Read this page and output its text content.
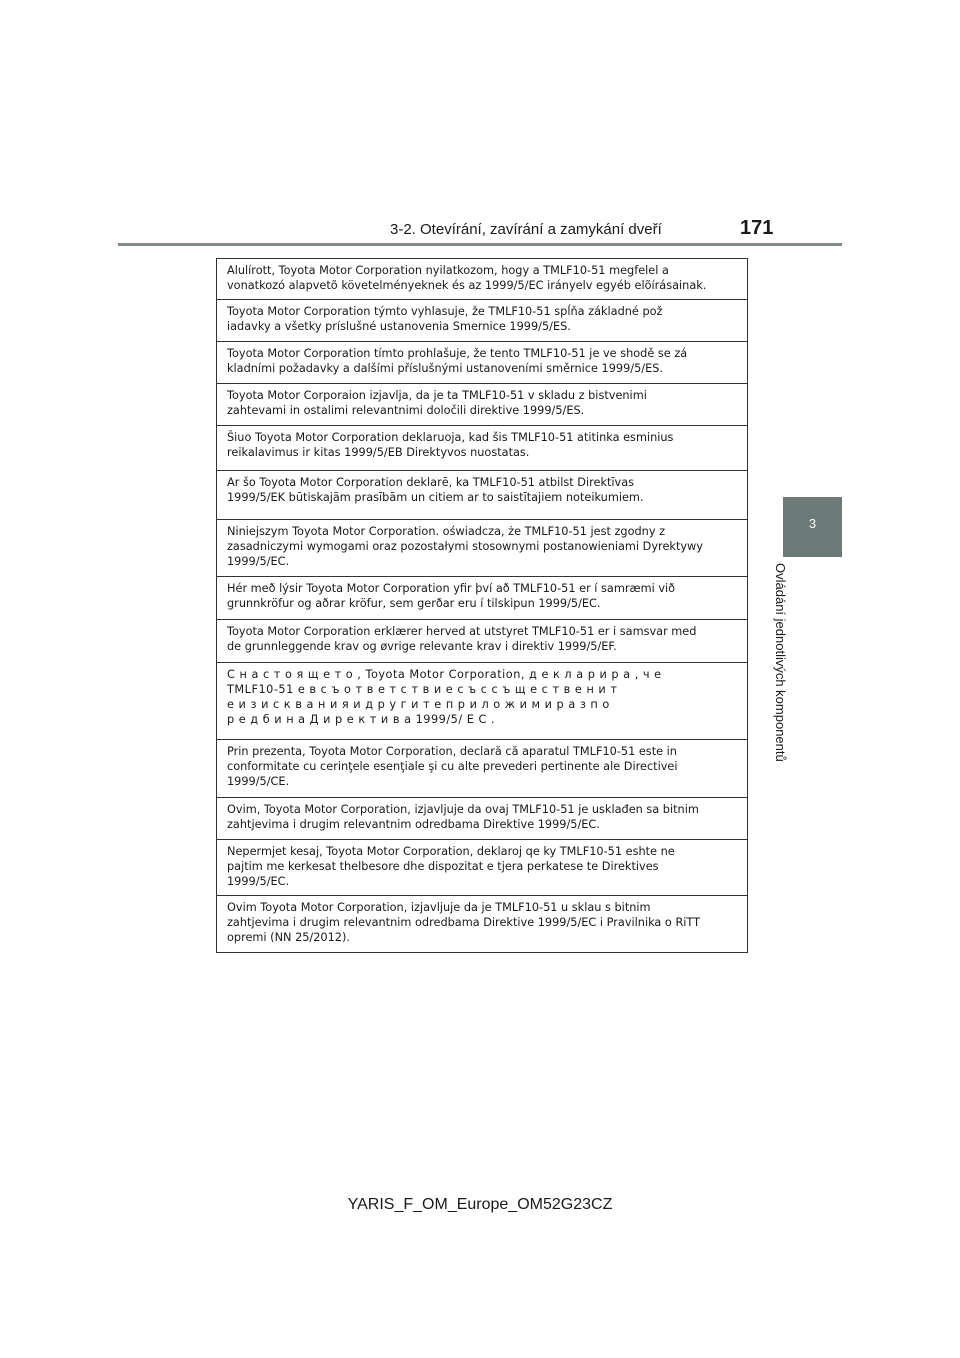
3-2. Otevírání, zavírání a zamykání dveří	171
3
Ovládání jednotlivých komponentů
Alulírott, Toyota Motor Corporation nyilatkozom, hogy a TMLF10-51 megfelel a
vonatkozó alapvetõ követelményeknek és az 1999/5/EC irányelv egyéb elõírásainak.
Toyota Motor Corporation týmto vyhlasuje, že TMLF10-51 spĺňa základné pož
iadavky a všetky príslušné ustanovenia Smernice 1999/5/ES.
Toyota Motor Corporation tímto prohlašuje, že tento TMLF10-51 je ve shodě se zá
kladními požadavky a dalšími příslušnými ustanoveními směrnice 1999/5/ES.
Toyota Motor Corporaion izjavlja, da je ta TMLF10-51 v skladu z bistvenimi
zahtevami in ostalimi relevantnimi določili direktive 1999/5/ES.
Šiuo Toyota Motor Corporation deklaruoja, kad šis TMLF10-51 atitinka esminius
reikalavimus ir kitas 1999/5/EB Direktyvos nuostatas.
Ar šo Toyota Motor Corporation deklarē, ka TMLF10-51 atbilst Direktīvas
1999/5/EK būtiskajām prasībām un citiem ar to saistītajiem noteikumiem.
Niniejszym Toyota Motor Corporation. oświadcza, że TMLF10-51 jest zgodny z
zasadniczymi wymogami oraz pozostałymi stosownymi postanowieniami Dyrektywy
1999/5/EC.
Hér með lýsir Toyota Motor Corporation yfir því að TMLF10-51 er í samræmi við
grunnkröfur og aðrar kröfur, sem gerðar eru í tilskipun 1999/5/EC.
Toyota Motor Corporation erklærer herved at utstyret TMLF10-51 er i samsvar med
de grunnleggende krav og øvrige relevante krav i direktiv 1999/5/EF.
С н а с т о я щ е т о , Toyota Motor Corporation, д е к л а р и р а , ч е
TMLF10-51 е в с ъ о т в е т с т в и е с ъ с с ъ щ е с т в е н и т
е и з и с к в а н и я и д р у г и т е п р и л о ж и м и р а з п о
р е д б и н а Д и р е к т и в а 1999/5/ Е С .
Prin prezenta, Toyota Motor Corporation, declară că aparatul TMLF10-51 este in
conformitate cu cerinţele esenţiale şi cu alte prevederi pertinente ale Directivei
1999/5/CE.
Ovim, Toyota Motor Corporation, izjavljuje da ovaj TMLF10-51 je usklađen sa bitnim
zahtjevima i drugim relevantnim odredbama Direktive 1999/5/EC.
Nepermjet kesaj, Toyota Motor Corporation, deklaroj qe ky TMLF10-51 eshte ne
pajtim me kerkesat thelbesore dhe dispozitat e tjera perkatese te Direktives
1999/5/EC.
Ovim Toyota Motor Corporation, izjavljuje da je TMLF10-51 u sklau s bitnim
zahtjevima i drugim relevantnim odredbama Direktive 1999/5/EC i Pravilnika o RiTT
opremi (NN 25/2012).
YARIS_F_OM_Europe_OM52G23CZ
